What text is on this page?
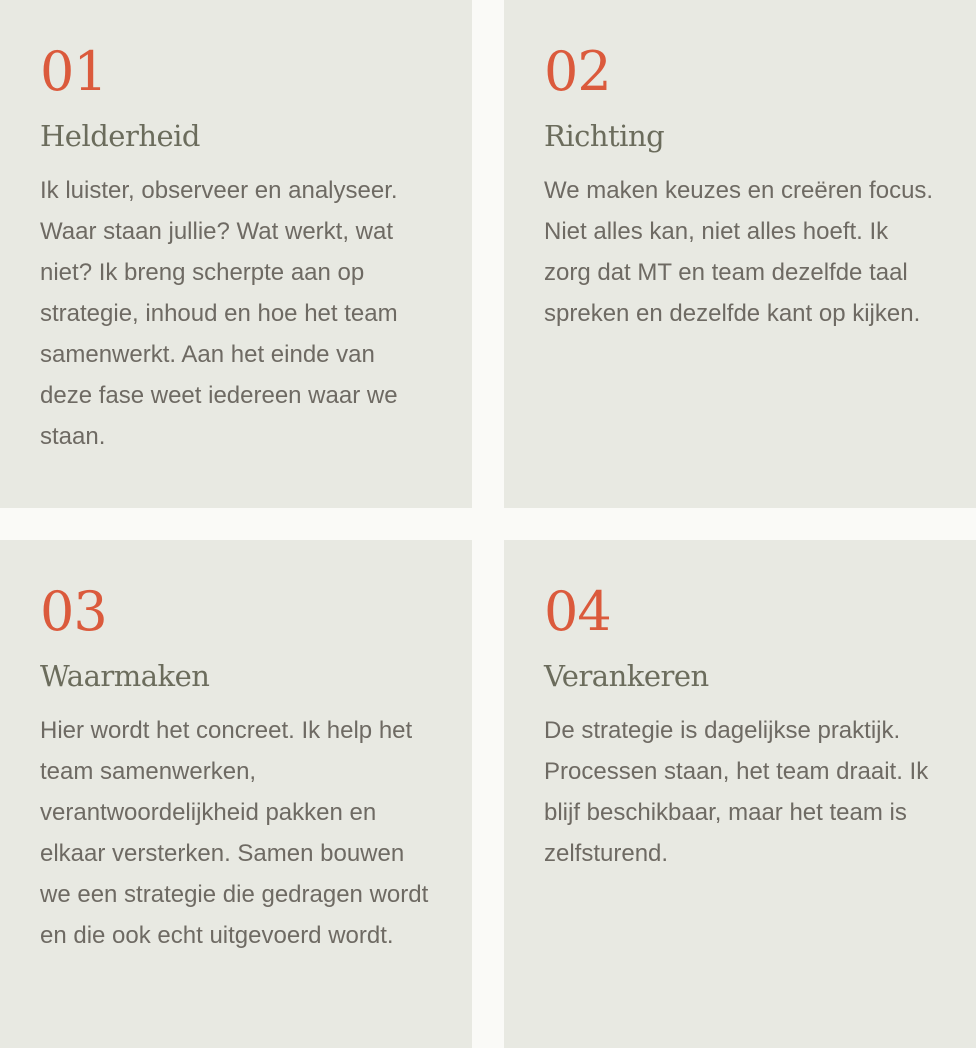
01
Helderheid

Ik luister, observeer en analyseer. Waar staan jullie? Wat werkt, wat niet? Ik breng scherpte aan op strategie, inhoud en hoe het team samenwerkt. Aan het einde van deze fase weet iedereen waar we staan.

02
Richting

We maken keuzes en creëren focus. Niet alles kan, niet alles hoeft. Ik zorg dat MT en team dezelfde taal spreken en dezelfde kant op kijken.

03
Waarmaken

Hier wordt het concreet. Ik help het team samenwerken, verantwoordelijkheid pakken en elkaar versterken. Samen bouwen we een strategie die gedragen wordt en die ook echt uitgevoerd wordt.

04
Verankeren

De strategie is dagelijkse praktijk. Processen staan, het team draait. Ik blijf beschikbaar, maar het team is zelfsturend.
